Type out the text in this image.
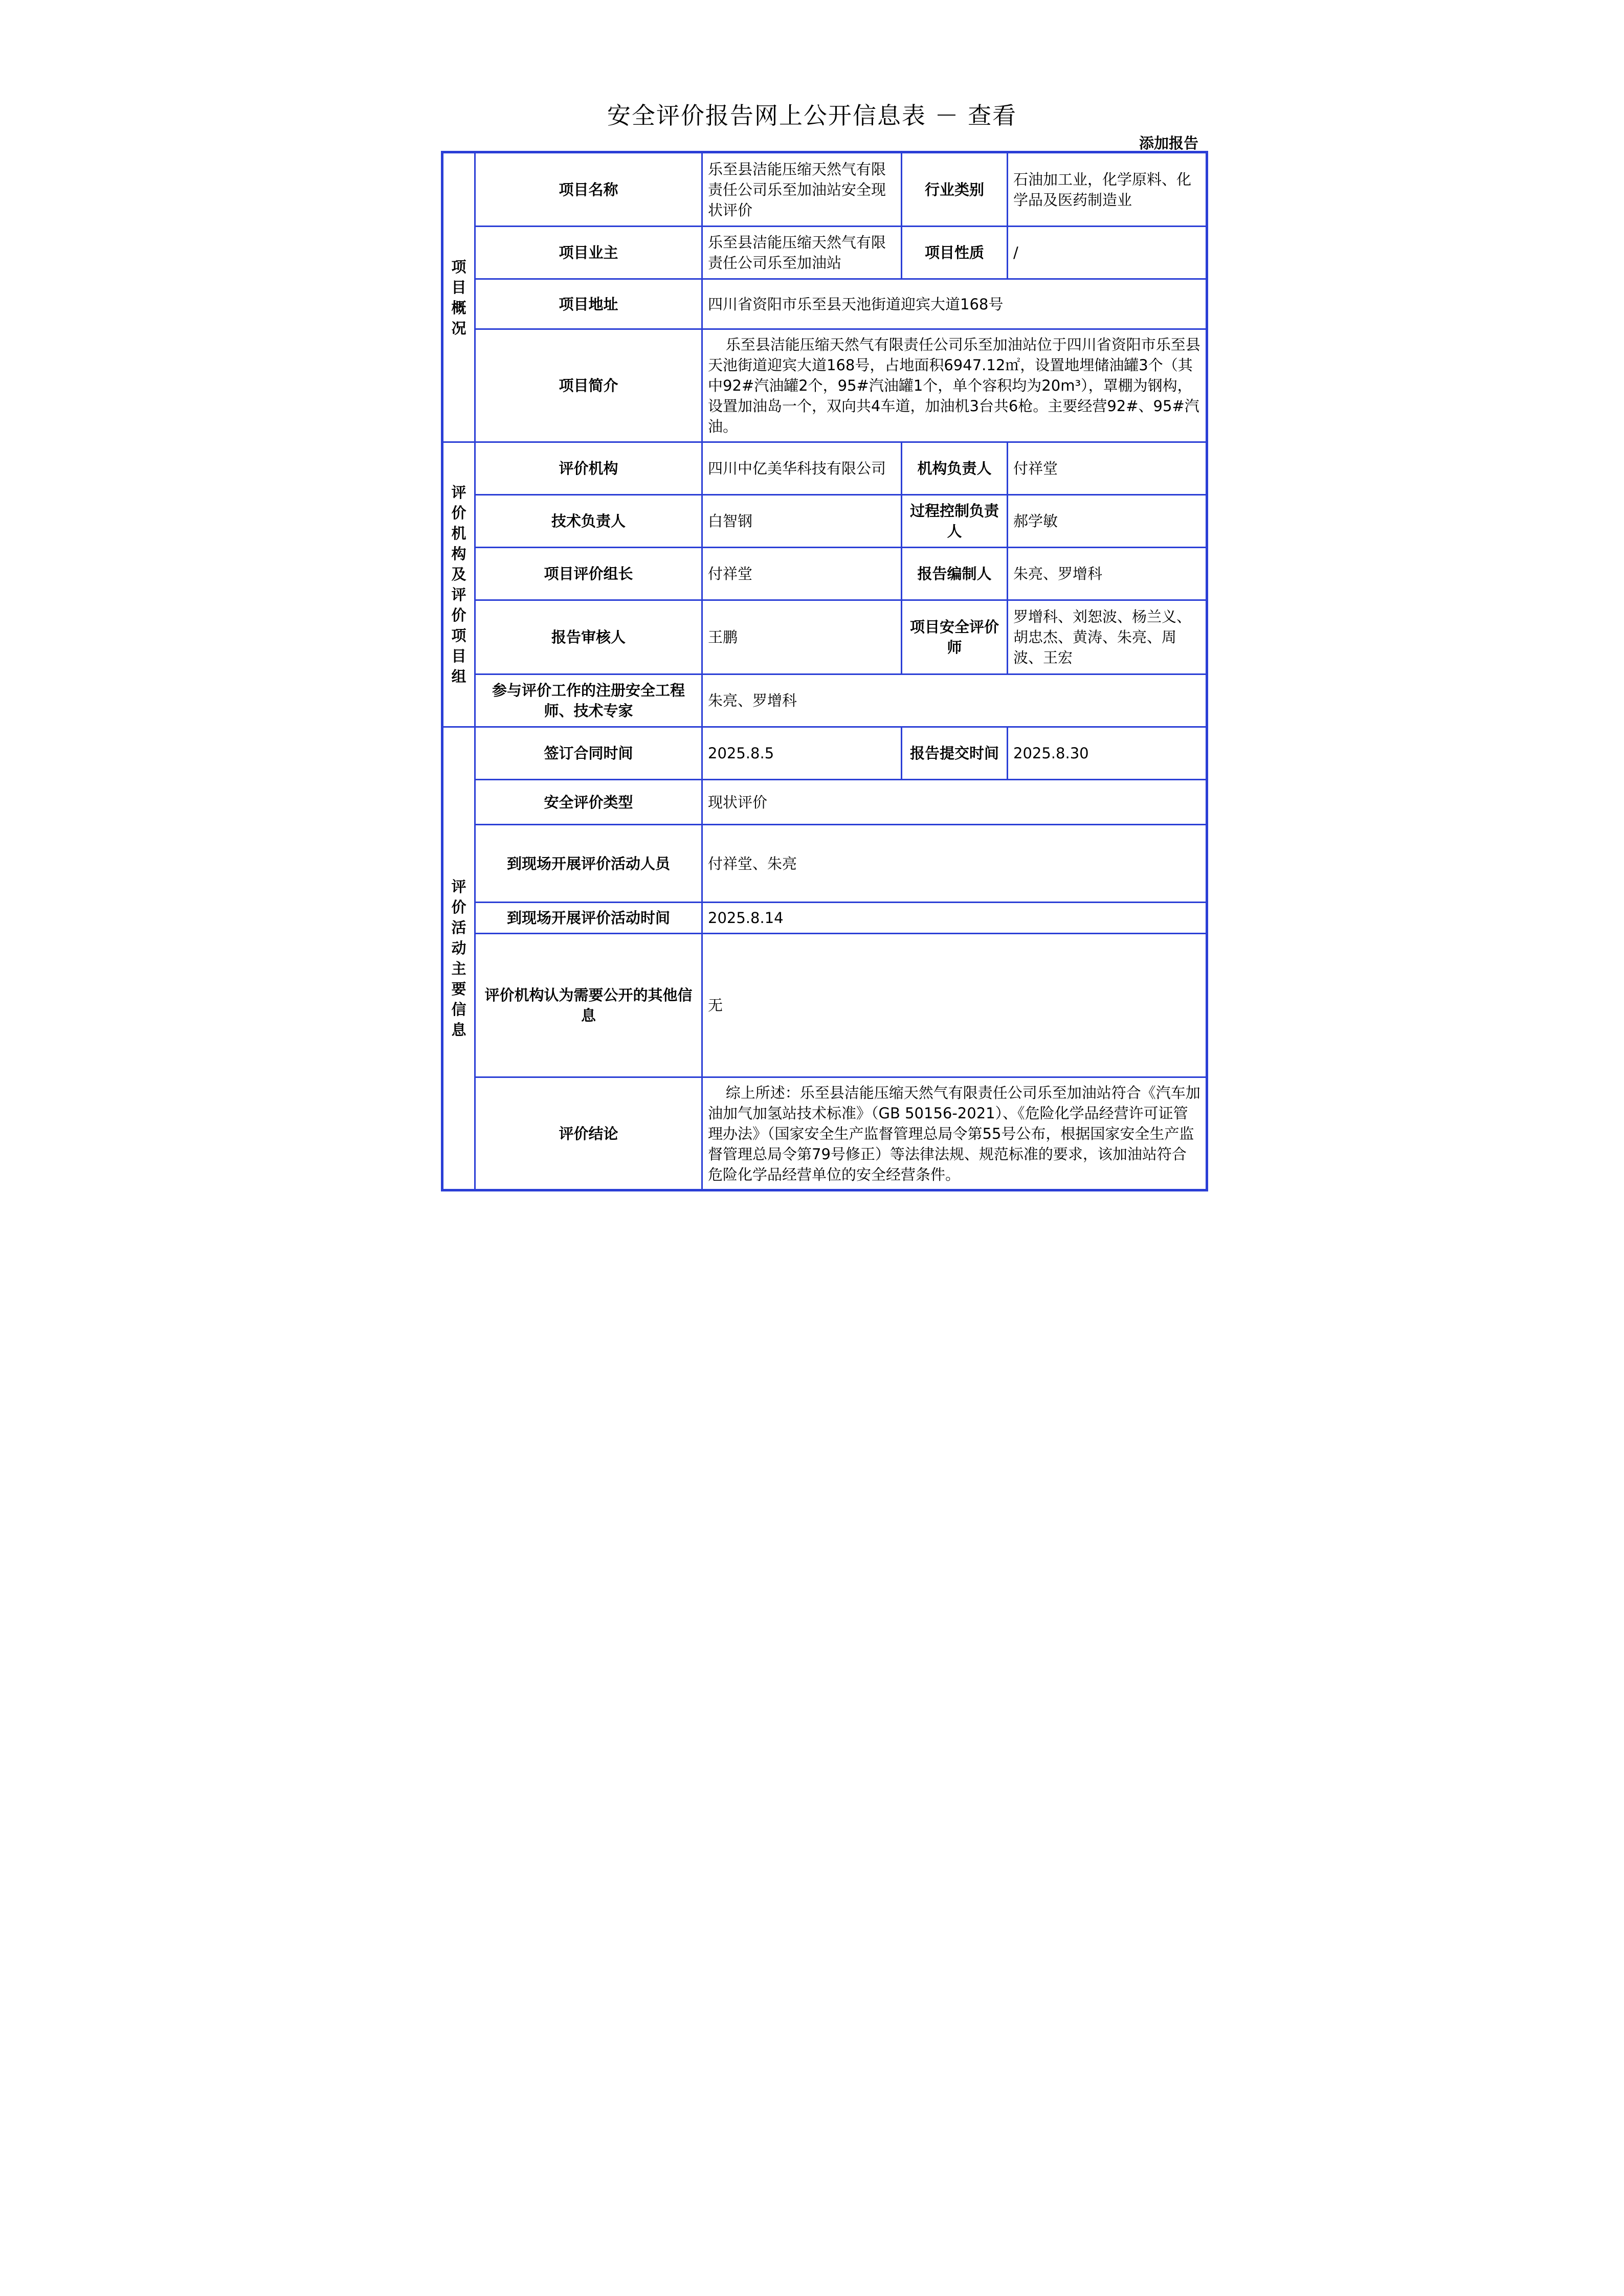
安全评价报告网上公开信息表 － 查看
添加报告
项目概况	项目名称	乐至县洁能压缩天然气有限责任公司乐至加油站安全现状评价	行业类别	石油加工业，化学原料、化学品及医药制造业
	项目业主	乐至县洁能压缩天然气有限责任公司乐至加油站	项目性质	/
	项目地址	四川省资阳市乐至县天池街道迎宾大道168号		
	项目简介	乐至县洁能压缩天然气有限责任公司乐至加油站位于四川省资阳市乐至县天池街道迎宾大道168号，占地面积6947.12㎡，设置地埋储油罐3个（其中92#汽油罐2个，95#汽油罐1个，单个容积均为20m³），罩棚为钢构，设置加油岛一个，双向共4车道，加油机3台共6枪。主要经营92#、95#汽油。		
评价机构及评价项目组	评价机构	四川中亿美华科技有限公司	机构负责人	付祥堂
	技术负责人	白智钢	过程控制负责人	郝学敏
	项目评价组长	付祥堂	报告编制人	朱亮、罗增科
	报告审核人	王鹏	项目安全评价师	罗增科、刘恕波、杨兰义、胡忠杰、黄涛、朱亮、周波、王宏
	参与评价工作的注册安全工程师、技术专家	朱亮、罗增科		
评价活动主要信息	签订合同时间	2025.8.5	报告提交时间	2025.8.30
	安全评价类型	现状评价		
	到现场开展评价活动人员	付祥堂、朱亮		
	到现场开展评价活动时间	2025.8.14		
	评价机构认为需要公开的其他信息	无		
	评价结论	综上所述：乐至县洁能压缩天然气有限责任公司乐至加油站符合《汽车加油加气加氢站技术标准》（GB 50156-2021）、《危险化学品经营许可证管理办法》（国家安全生产监督管理总局令第55号公布，根据国家安全生产监督管理总局令第79号修正）等法律法规、规范标准的要求，该加油站符合危险化学品经营单位的安全经营条件。		
